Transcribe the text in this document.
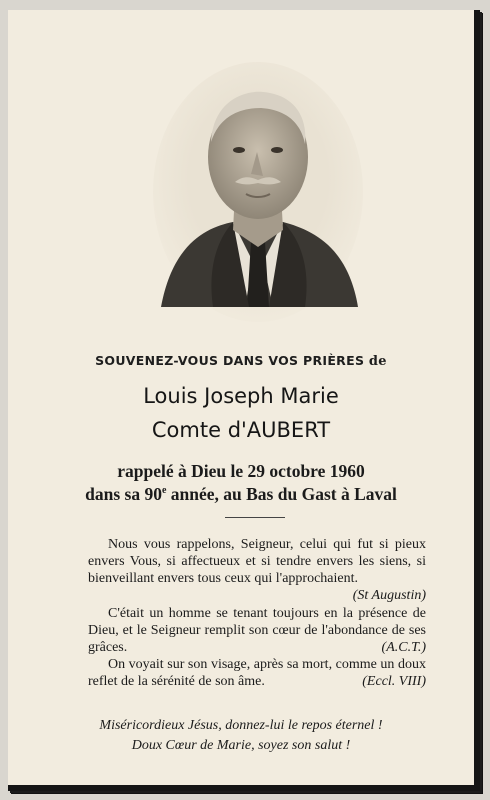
SOUVENEZ-VOUS DANS VOS PRIÈRES de
Louis Joseph Marie
Comte d'AUBERT
rappelé à Dieu le 29 octobre 1960
dans sa 90e année, au Bas du Gast à Laval
Nous vous rappelons, Seigneur, celui qui fut si pieux envers Vous, si affectueux et si tendre envers les siens, si bienveillant envers tous ceux qui l'approchaient.
(St Augustin)
C'était un homme se tenant toujours en la présence de Dieu, et le Seigneur remplit son cœur de l'abondance de ses grâces.	(A.C.T.)
On voyait sur son visage, après sa mort, comme un doux reflet de la sérénité de son âme.	(Eccl. VIII)
Miséricordieux Jésus, donnez-lui le repos éternel !
Doux Cœur de Marie, soyez son salut !
